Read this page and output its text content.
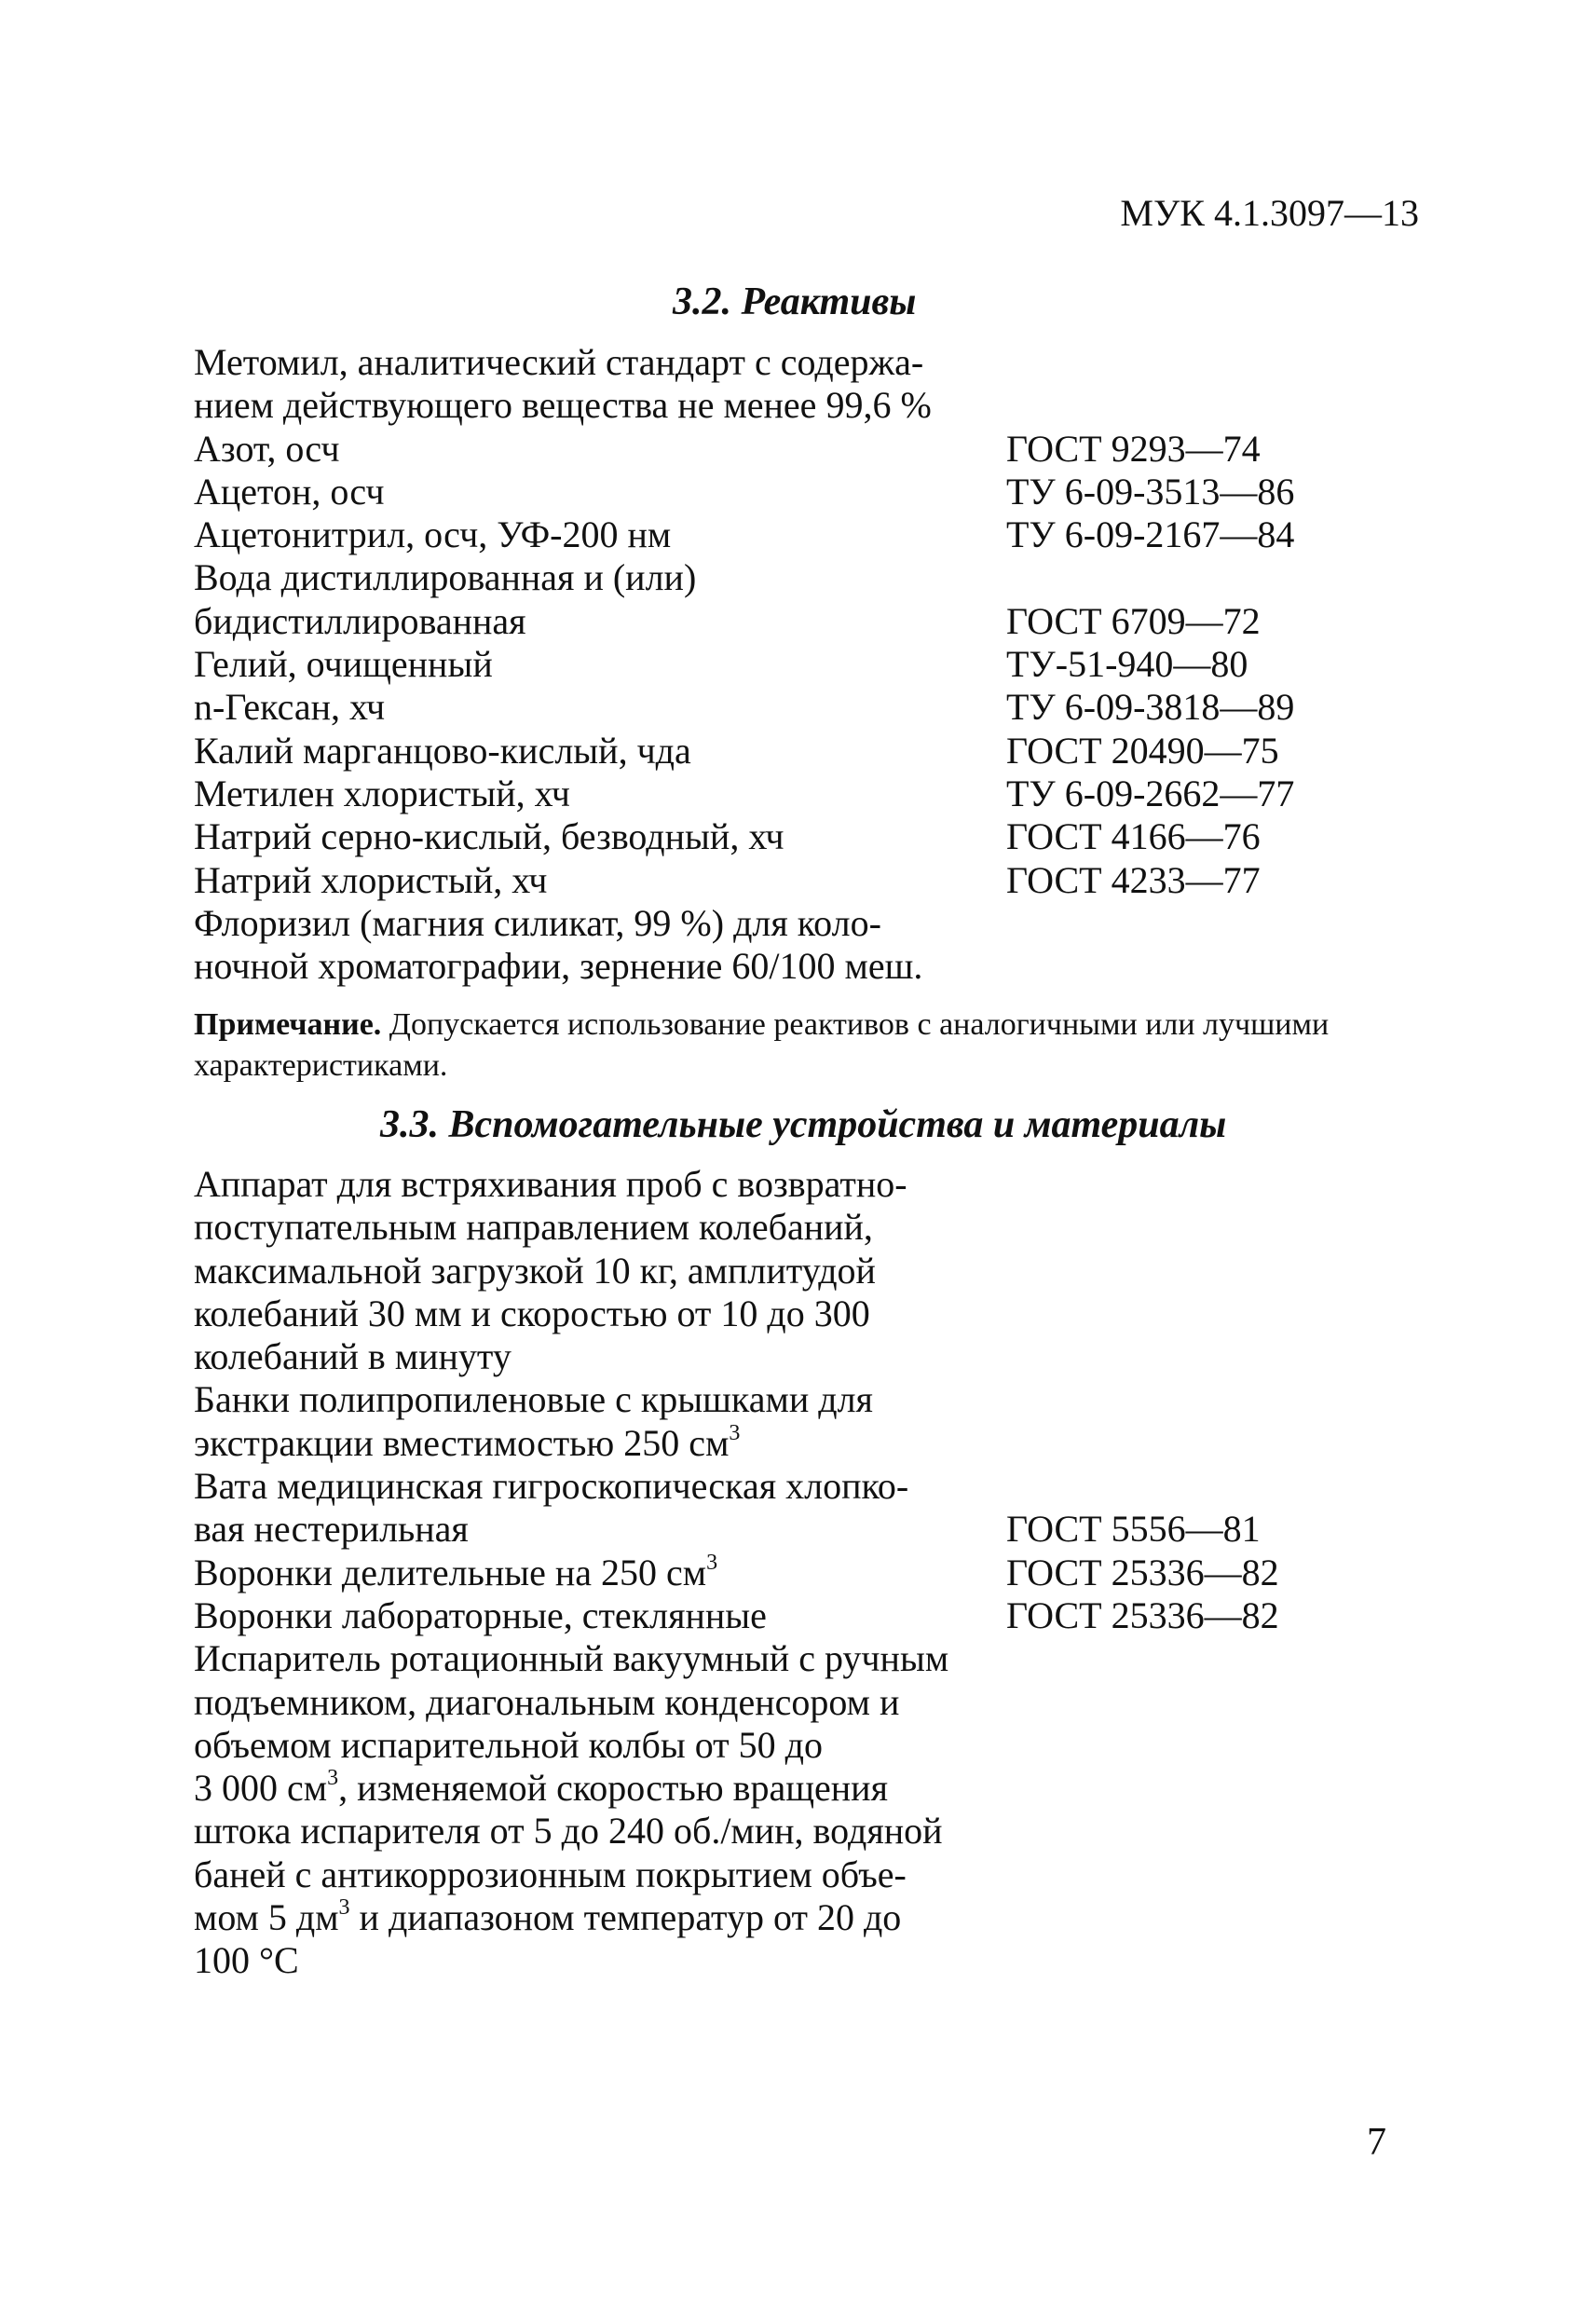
МУК 4.1.3097—13
3.2. Реактивы
Метомил, аналитический стандарт с содержа-
нием действующего вещества не менее 99,6 %
Азот, осч	ГОСТ 9293—74
Ацетон, осч	ТУ 6-09-3513—86
Ацетонитрил, осч, УФ-200 нм	ТУ 6-09-2167—84
Вода дистиллированная и (или)
бидистиллированная	ГОСТ 6709—72
Гелий, очищенный	ТУ-51-940—80
n-Гексан, хч	ТУ 6-09-3818—89
Калий марганцово-кислый, чда	ГОСТ 20490—75
Метилен хлористый, хч	ТУ 6-09-2662—77
Натрий серно-кислый, безводный, хч	ГОСТ 4166—76
Натрий хлористый, хч	ГОСТ 4233—77
Флоризил (магния силикат, 99 %) для коло-
ночной хроматографии, зернение 60/100 меш.
Примечание. Допускается использование реактивов с аналогичными или лучшими характеристиками.
3.3. Вспомогательные устройства и материалы
Аппарат для встряхивания проб с возвратно-
поступательным направлением колебаний,
максимальной загрузкой 10 кг, амплитудой
колебаний 30 мм и скоростью от 10 до 300
колебаний в минуту
Банки полипропиленовые с крышками для
экстракции вместимостью 250 $см^3$
Вата медицинская гигроскопическая хлопко-
вая нестерильная	ГОСТ 5556—81
Воронки делительные на 250 $см^3$	ГОСТ 25336—82
Воронки лабораторные, стеклянные	ГОСТ 25336—82
Испаритель ротационный вакуумный с ручным
подъемником, диагональным конденсором и
объемом испарительной колбы от 50 до
3 000 $см^3$, изменяемой скоростью вращения
штока испарителя от 5 до 240 об./мин, водяной
баней с антикоррозионным покрытием объе-
мом 5 $дм^3$ и диапазоном температур от 20 до
100 °C
7
